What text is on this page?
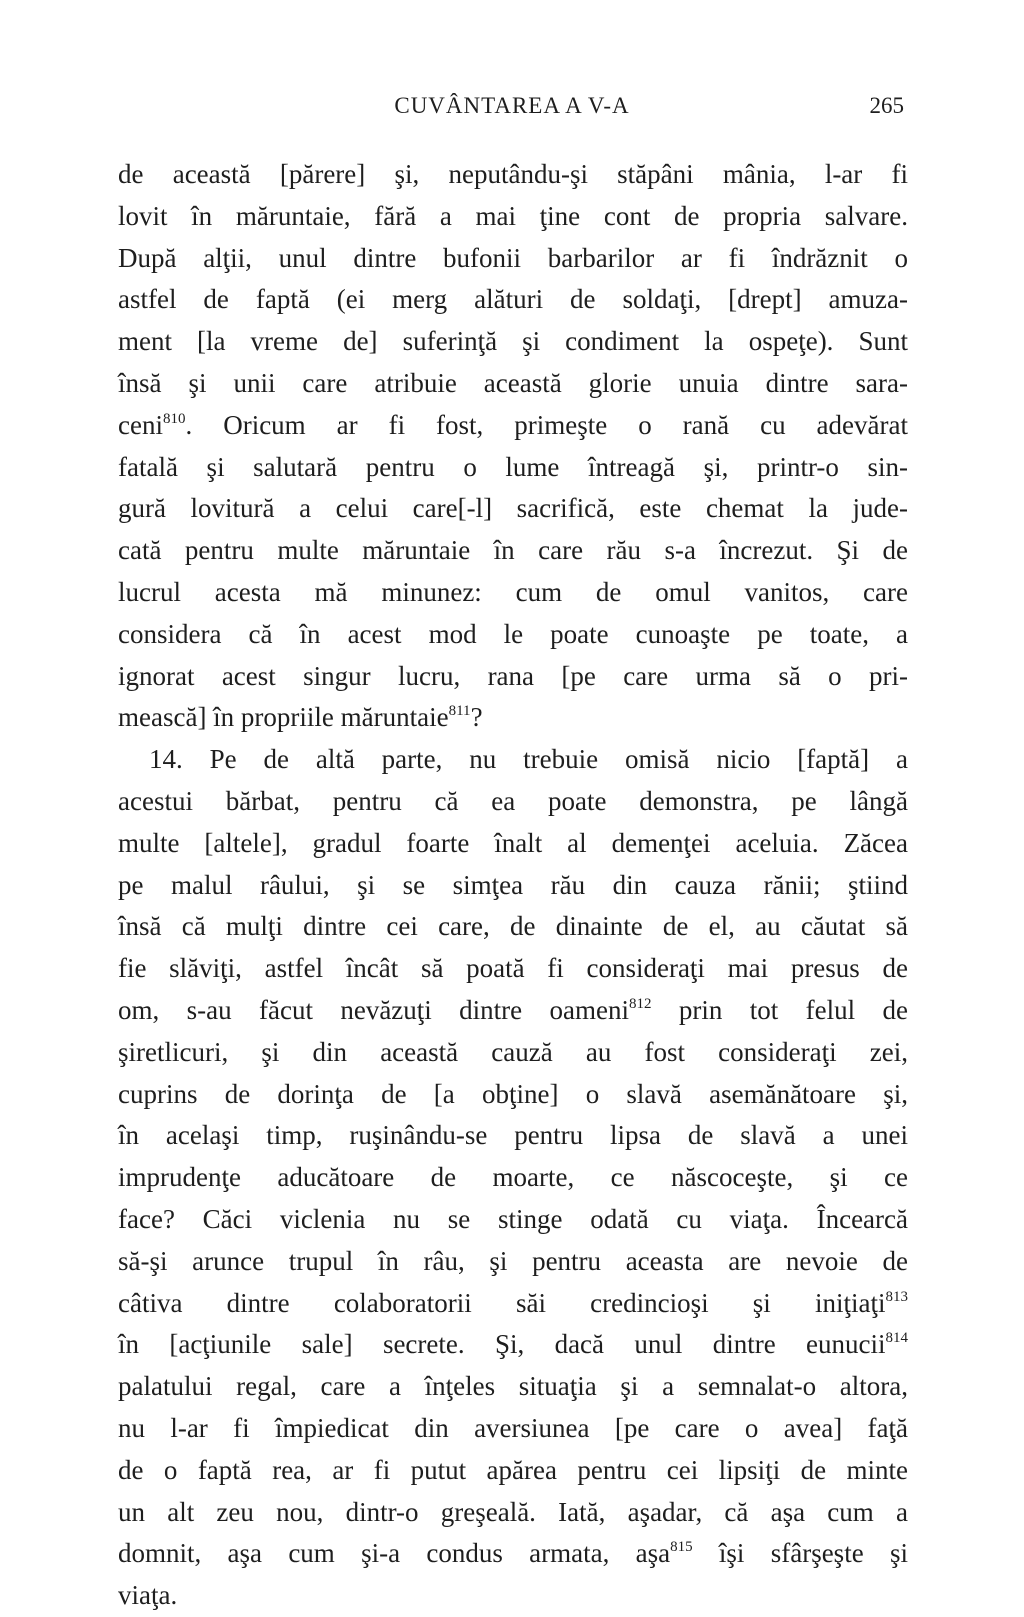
CUVÂNTAREA A V-A	265
de această [părere] şi, neputându-şi stăpâni mânia, l-ar fi
lovit în măruntaie, fără a mai ţine cont de propria salvare.
După alţii, unul dintre bufonii barbarilor ar fi îndrăznit o
astfel de faptă (ei merg alături de soldaţi, [drept] amuza-
ment [la vreme de] suferinţă şi condiment la ospeţe). Sunt
însă şi unii care atribuie această glorie unuia dintre sara-
ceni$^{810}$. Oricum ar fi fost, primeşte o rană cu adevărat
fatală şi salutară pentru o lume întreagă şi, printr-o sin-
gură lovitură a celui care[-l] sacrifică, este chemat la jude-
cată pentru multe măruntaie în care rău s-a încrezut. Şi de
lucrul acesta mă minunez: cum de omul vanitos, care
considera că în acest mod le poate cunoaşte pe toate, a
ignorat acest singur lucru, rana [pe care urma să o pri-
mească] în propriile măruntaie$^{811}$?
14. Pe de altă parte, nu trebuie omisă nicio [faptă] a
acestui bărbat, pentru că ea poate demonstra, pe lângă
multe [altele], gradul foarte înalt al demenţei aceluia. Zăcea
pe malul râului, şi se simţea rău din cauza rănii; ştiind
însă că mulţi dintre cei care, de dinainte de el, au căutat să
fie slăviţi, astfel încât să poată fi consideraţi mai presus de
om, s-au făcut nevăzuţi dintre oameni$^{812}$ prin tot felul de
şiretlicuri, şi din această cauză au fost consideraţi zei,
cuprins de dorinţa de [a obţine] o slavă asemănătoare şi,
în acelaşi timp, ruşinându-se pentru lipsa de slavă a unei
imprudenţe aducătoare de moarte, ce născoceşte, şi ce
face? Căci viclenia nu se stinge odată cu viaţa. Încearcă
să-şi arunce trupul în râu, şi pentru aceasta are nevoie de
câtiva dintre colaboratorii săi credincioşi şi iniţiaţi$^{813}$
în [acţiunile sale] secrete. Şi, dacă unul dintre eunucii$^{814}$
palatului regal, care a înţeles situaţia şi a semnalat-o altora,
nu l-ar fi împiedicat din aversiunea [pe care o avea] faţă
de o faptă rea, ar fi putut apărea pentru cei lipsiţi de minte
un alt zeu nou, dintr-o greşeală. Iată, aşadar, că aşa cum a
domnit, aşa cum şi-a condus armata, aşa$^{815}$ îşi sfârşeşte şi
viaţa.
